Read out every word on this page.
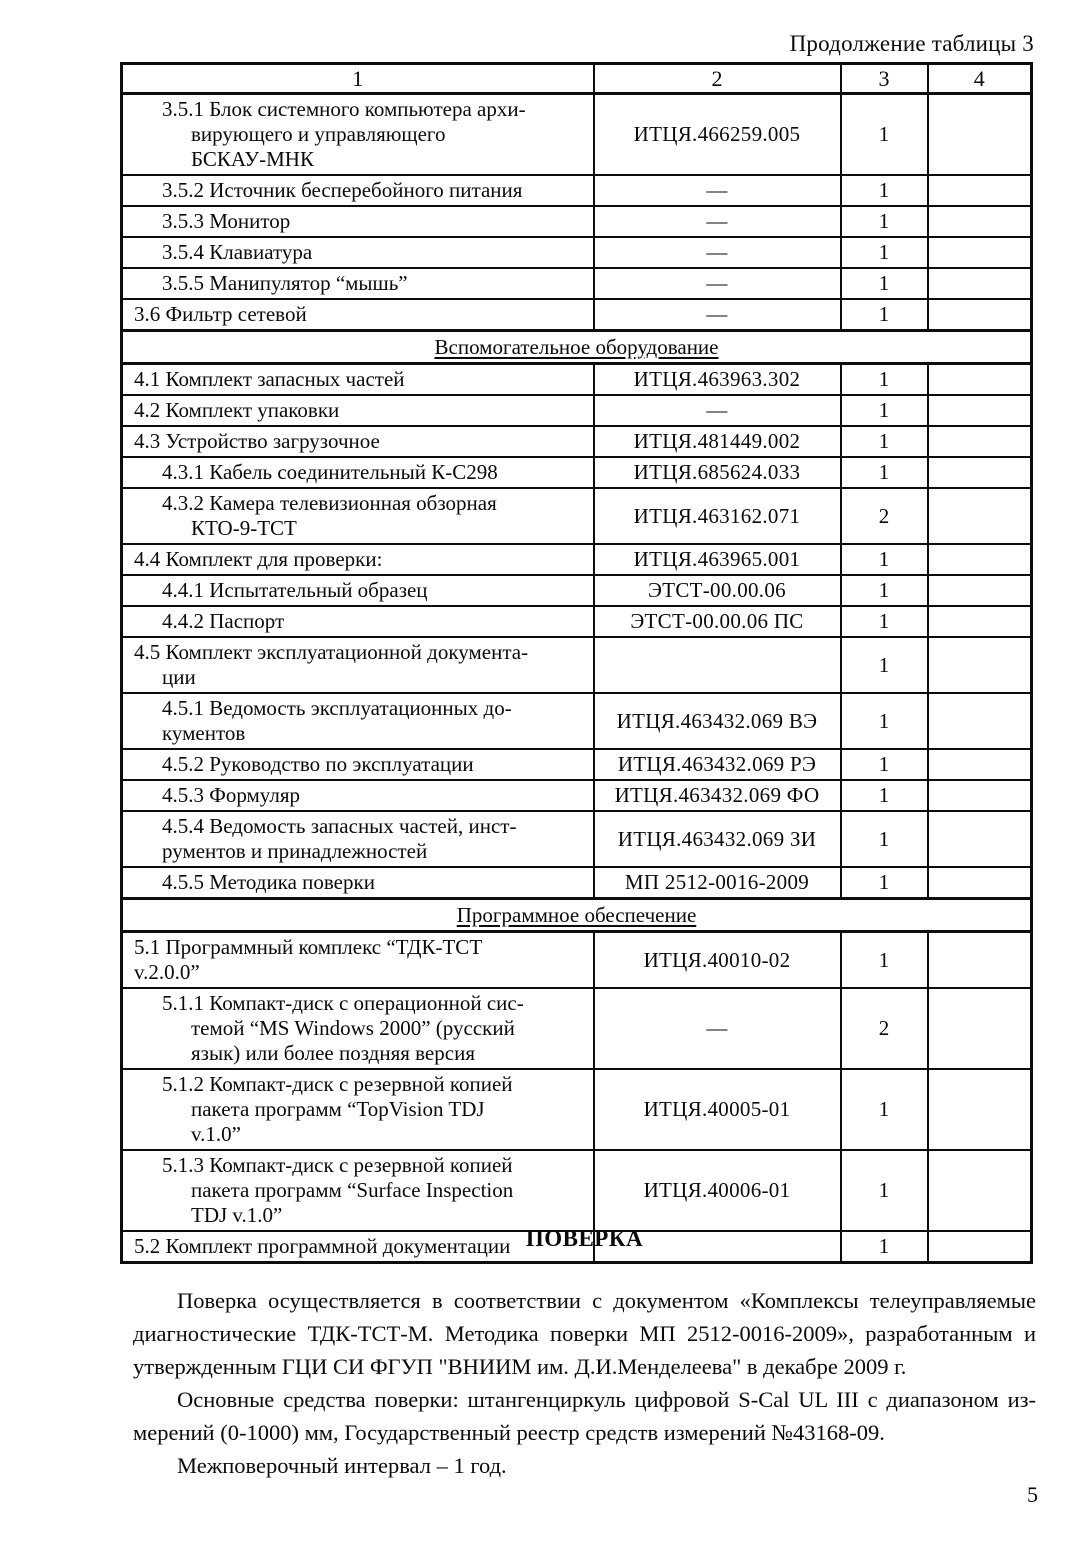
Продолжение таблицы 3
1	2	3	4

3.5.1 Блок системного компьютера архи-
вирующего и управляющего
БСКАУ-МНК	ИТЦЯ.466259.005	1	

3.5.2 Источник бесперебойного питания	—	1	

3.5.3 Монитор	—	1	

3.5.4 Клавиатура	—	1	

3.5.5 Манипулятор “мышь”	—	1	

3.6 Фильтр сетевой	—	1	
Вспомогательное оборудование			

4.1 Комплект запасных частей	ИТЦЯ.463963.302	1	

4.2 Комплект упаковки	—	1	

4.3 Устройство загрузочное	ИТЦЯ.481449.002	1	

4.3.1 Кабель соединительный К-С298	ИТЦЯ.685624.033	1	

4.3.2 Камера телевизионная обзорная
КТО-9-ТСТ	ИТЦЯ.463162.071	2	

4.4 Комплект для проверки:	ИТЦЯ.463965.001	1	

4.4.1 Испытательный образец	ЭТСТ-00.00.06	1	

4.4.2 Паспорт	ЭТСТ-00.00.06 ПС	1	

4.5 Комплект эксплуатационной документа-
ции		1	

4.5.1 Ведомость эксплуатационных до-
кументов	ИТЦЯ.463432.069 ВЭ	1	

4.5.2 Руководство по эксплуатации	ИТЦЯ.463432.069 РЭ	1	

4.5.3 Формуляр	ИТЦЯ.463432.069 ФО	1	

4.5.4 Ведомость запасных частей, инст-
рументов и принадлежностей	ИТЦЯ.463432.069 ЗИ	1	

4.5.5 Методика поверки	МП 2512-0016-2009	1	
Программное обеспечение			

5.1 Программный комплекс “ТДК-ТСТ
v.2.0.0”	ИТЦЯ.40010-02	1	

5.1.1 Компакт-диск с операционной сис-
темой “MS Windows 2000” (русский
язык) или более поздняя версия	—	2	

5.1.2 Компакт-диск с резервной копией
пакета программ “TopVision TDJ
v.1.0”	ИТЦЯ.40005-01	1	

5.1.3 Компакт-диск с резервной копией
пакета программ “Surface Inspection
TDJ v.1.0”	ИТЦЯ.40006-01	1	

5.2 Комплект программной документации		1	
ПОВЕРКА
Поверка осуществляется в соответствии с документом «Комплексы телеуправляемые
диагностические ТДК-ТСТ-М. Методика поверки МП 2512-0016-2009», разработанным и
утвержденным ГЦИ СИ ФГУП "ВНИИМ им. Д.И.Менделеева" в декабре 2009 г.
Основные средства поверки: штангенциркуль цифровой S-Cal UL III с диапазоном из-
мерений (0-1000) мм, Государственный реестр средств измерений №43168-09.
Межповерочный интервал – 1 год.
5
